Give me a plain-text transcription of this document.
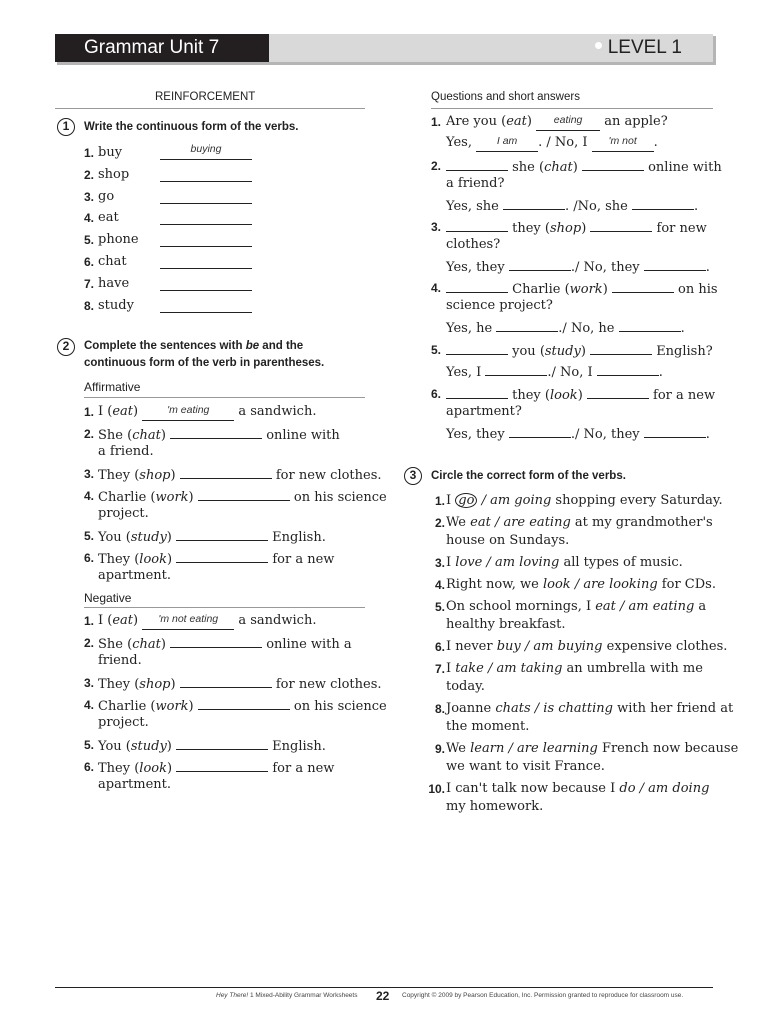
Grammar Unit 7	LEVEL 1
REINFORCEMENT
1	Write the continuous form of the verbs.
1. buy	buying
2. shop
3. go
4. eat
5. phone
6. chat
7. have
8. study
2	Complete the sentences with be and the
continuous form of the verb in parentheses.
Affirmative
1. I (eat)	'm eating a sandwich.
2. She (chat)	online with
a friend.
3. They (shop)	for new clothes.
4. Charlie (work)	on his science
project.
5. You (study)	English.
6. They (look)	for a new
apartment.
Negative
1. I (eat) 'm not eating a sandwich.
2. She (chat)	online with a
friend.
3. They (shop)	for new clothes.
4. Charlie (work)	on his science
project.
5. You (study)	English.
6. They (look)	for a new
apartment.
Questions and short answers
1. Are you (eat) eating an apple?
Yes, I am . / No, I 'm not .
2.	she (chat)	online with
a friend?
Yes, she	. /No, she	.
3.	they (shop)	for new
clothes?
Yes, they	./ No, they	.
4.	Charlie (work)	on his
science project?
Yes, he	./ No, he	.
5.	you (study)	English?
Yes, I	./ No, I	.
6.	they (look)	for a new
apartment?
Yes, they	./ No, they	.
3	Circle the correct form of the verbs.
1. I go / am going shopping every Saturday.
2. We eat / are eating at my grandmother's
house on Sundays.
3. I love / am loving all types of music.
4. Right now, we look / are looking for CDs.
5. On school mornings, I eat / am eating a
healthy breakfast.
6. I never buy / am buying expensive clothes.
7. I take / am taking an umbrella with me
today.
8. Joanne chats / is chatting with her friend at
the moment.
9. We learn / are learning French now because
we want to visit France.
10. I can't talk now because I do / am doing
my homework.
Hey There! 1 Mixed-Ability Grammar Worksheets 22 Copyright © 2009 by Pearson Education, Inc. Permission granted to reproduce for classroom use.
